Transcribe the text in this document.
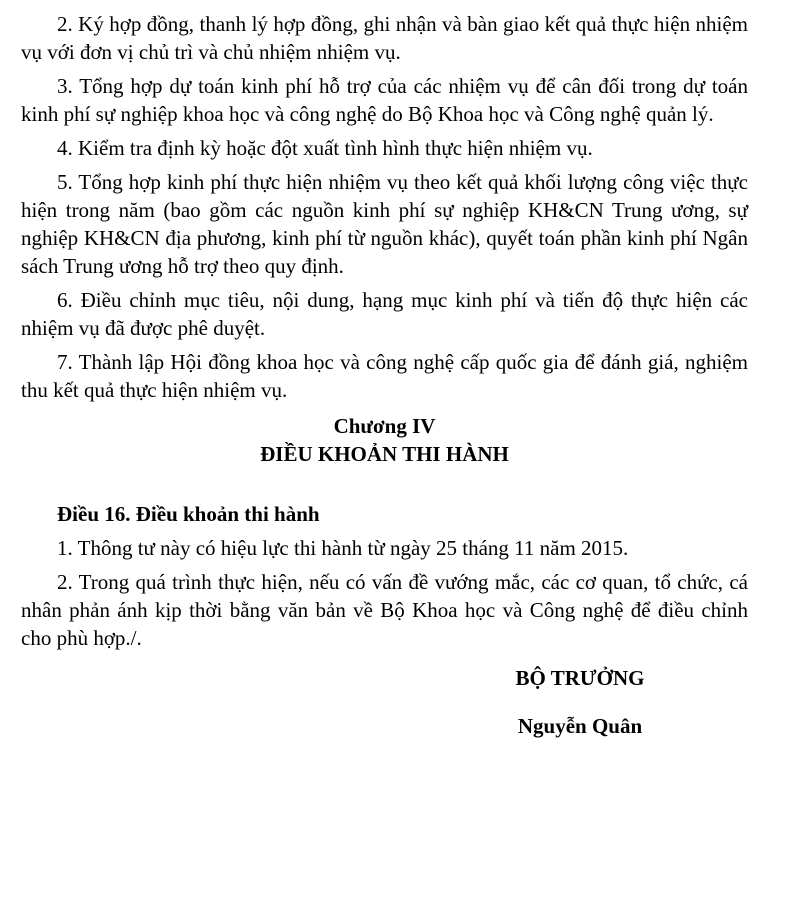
2. Ký hợp đồng, thanh lý hợp đồng, ghi nhận và bàn giao kết quả thực hiện nhiệm vụ với đơn vị chủ trì và chủ nhiệm nhiệm vụ.

3. Tổng hợp dự toán kinh phí hỗ trợ của các nhiệm vụ để cân đối trong dự toán kinh phí sự nghiệp khoa học và công nghệ do Bộ Khoa học và Công nghệ quản lý.

4. Kiểm tra định kỳ hoặc đột xuất tình hình thực hiện nhiệm vụ.

5. Tổng hợp kinh phí thực hiện nhiệm vụ theo kết quả khối lượng công việc thực hiện trong năm (bao gồm các nguồn kinh phí sự nghiệp KH&CN Trung ương, sự nghiệp KH&CN địa phương, kinh phí từ nguồn khác), quyết toán phần kinh phí Ngân sách Trung ương hỗ trợ theo quy định.

6. Điều chỉnh mục tiêu, nội dung, hạng mục kinh phí và tiến độ thực hiện các nhiệm vụ đã được phê duyệt.

7. Thành lập Hội đồng khoa học và công nghệ cấp quốc gia để đánh giá, nghiệm thu kết quả thực hiện nhiệm vụ.

Chương IV
ĐIỀU KHOẢN THI HÀNH

Điều 16. Điều khoản thi hành

1. Thông tư này có hiệu lực thi hành từ ngày 25 tháng 11 năm 2015.

2. Trong quá trình thực hiện, nếu có vấn đề vướng mắc, các cơ quan, tổ chức, cá nhân phản ánh kịp thời bằng văn bản về Bộ Khoa học và Công nghệ để điều chỉnh cho phù hợp./.

BỘ TRƯỞNG
Nguyễn Quân
